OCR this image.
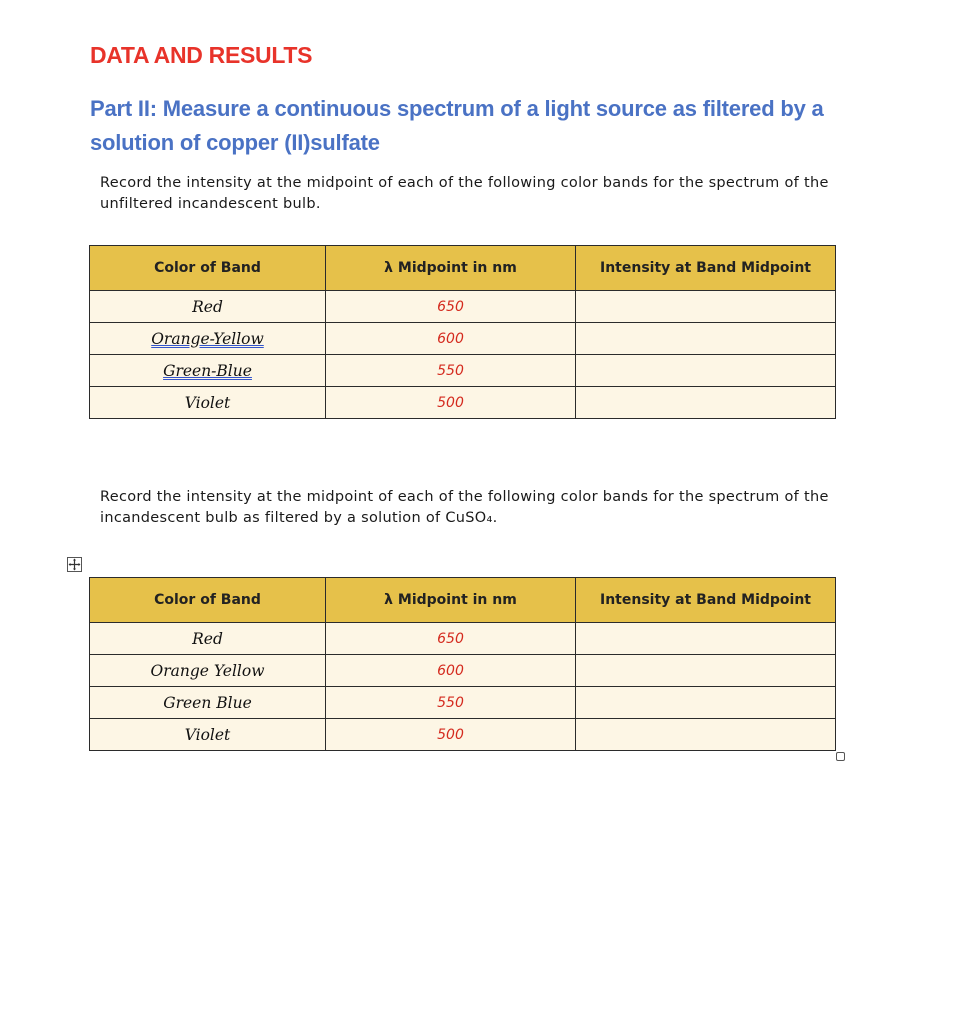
DATA AND RESULTS
Part II: Measure a continuous spectrum of a light source as filtered by a solution of copper (II)sulfate
Record the intensity at the midpoint of each of the following color bands for the spectrum of the unfiltered incandescent bulb.
Color of Band	λ Midpoint in nm	Intensity at Band Midpoint
Red	650	
Orange-Yellow	600	
Green-Blue	550	
Violet	500	
Record the intensity at the midpoint of each of the following color bands for the spectrum of the incandescent bulb as filtered by a solution of CuSO₄.
Color of Band	λ Midpoint in nm	Intensity at Band Midpoint
Red	650	
Orange Yellow	600	
Green Blue	550	
Violet	500	
